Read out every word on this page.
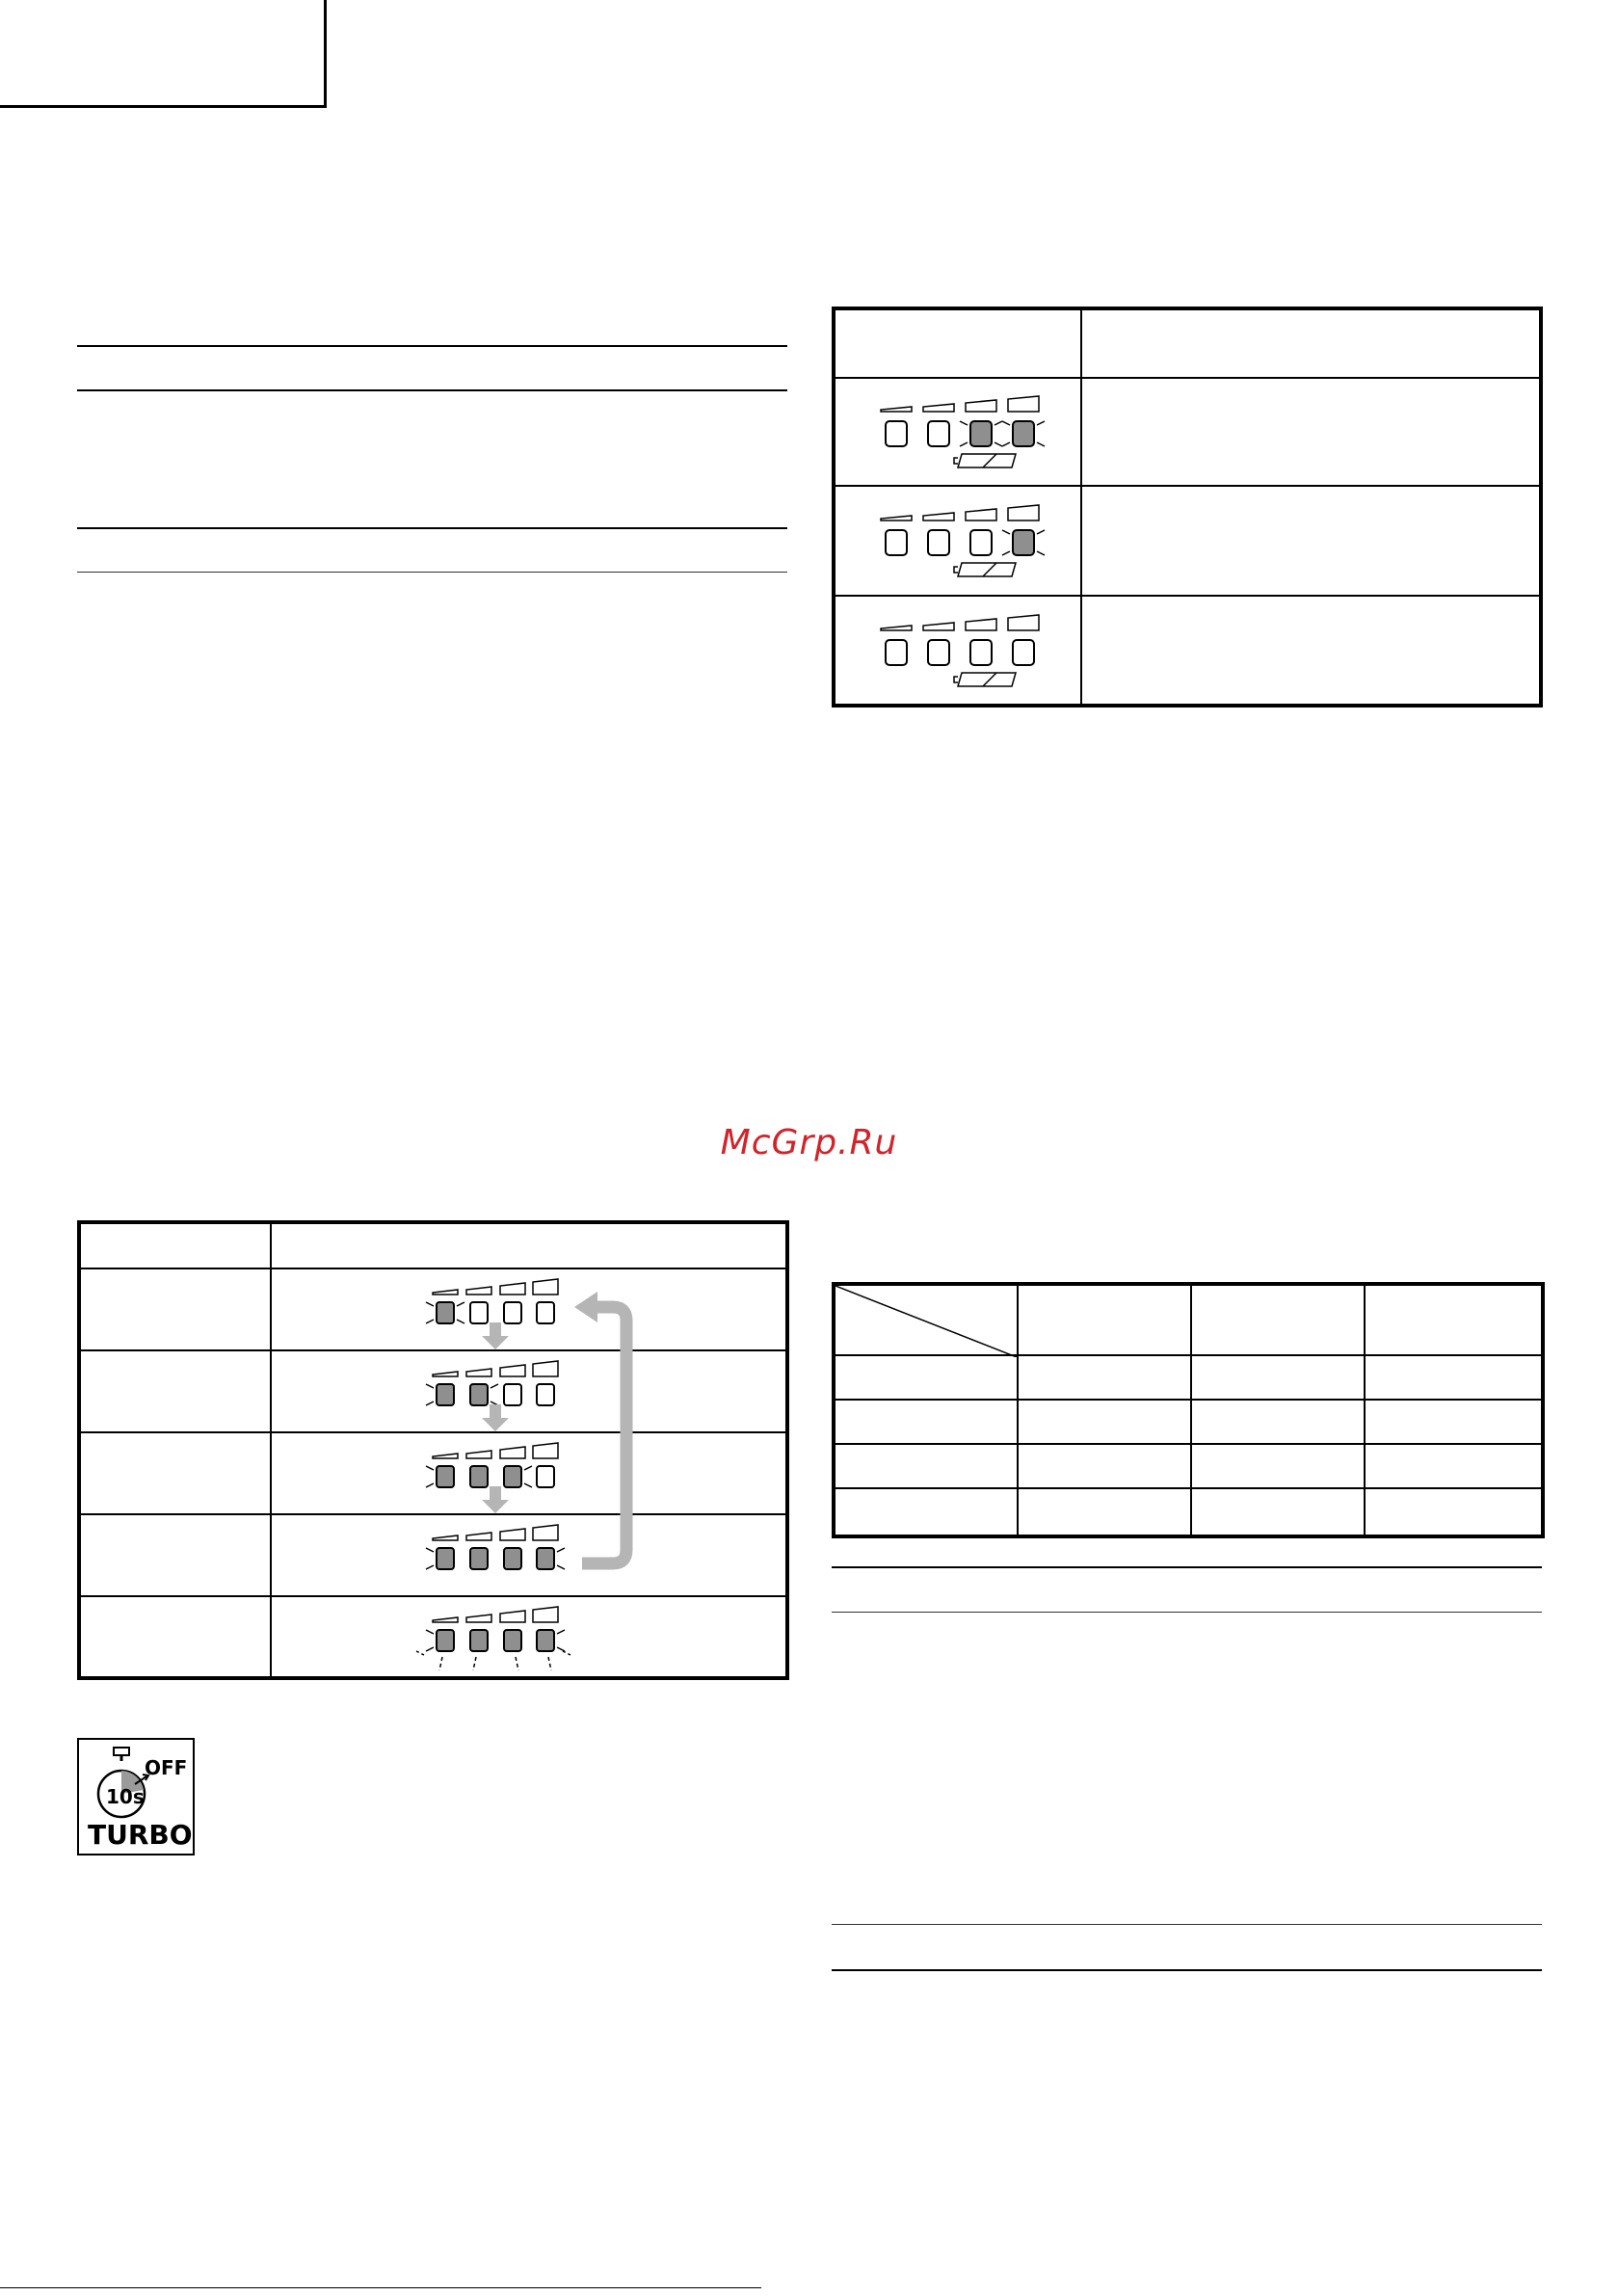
McGrp.Ru

10s
OFF
TURBO
